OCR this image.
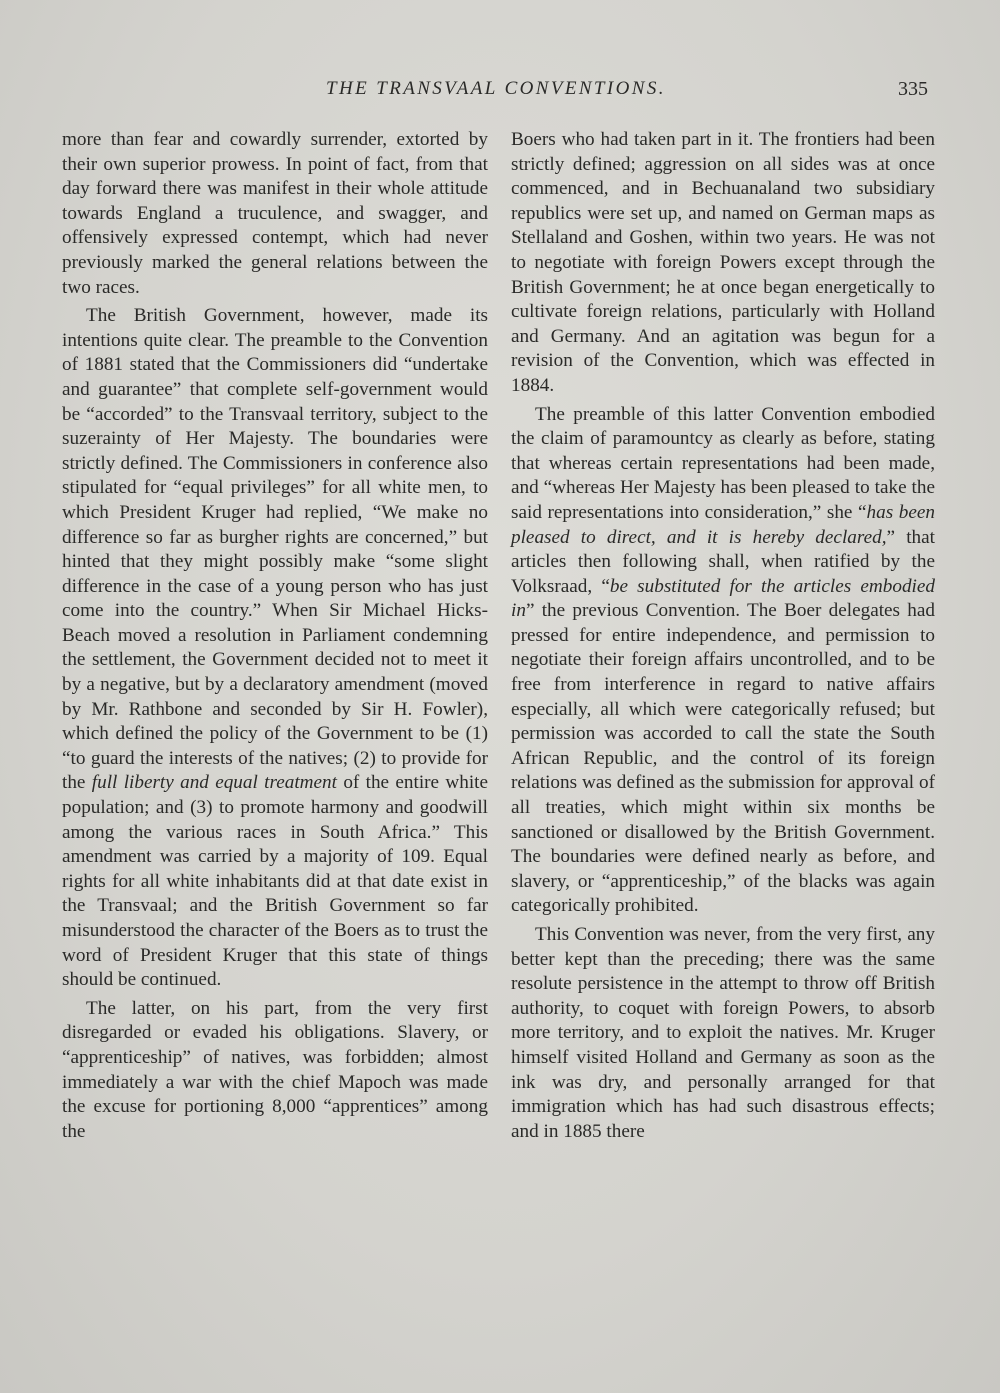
THE TRANSVAAL CONVENTIONS.	335

more than fear and cowardly surrender, extorted by their own superior prowess. In point of fact, from that day forward there was manifest in their whole attitude towards England a truculence, and swagger, and offensively expressed contempt, which had never previously marked the general relations between the two races.

The British Government, however, made its intentions quite clear. The preamble to the Convention of 1881 stated that the Commissioners did “undertake and guarantee” that complete self-government would be “accorded” to the Transvaal territory, subject to the suzerainty of Her Majesty. The boundaries were strictly defined. The Commissioners in conference also stipulated for “equal privileges” for all white men, to which President Kruger had replied, “We make no difference so far as burgher rights are concerned,” but hinted that they might possibly make “some slight difference in the case of a young person who has just come into the country.” When Sir Michael Hicks-Beach moved a resolution in Parliament condemning the settlement, the Government decided not to meet it by a negative, but by a declaratory amendment (moved by Mr. Rathbone and seconded by Sir H. Fowler), which defined the policy of the Government to be (1) “to guard the interests of the natives; (2) to provide for the full liberty and equal treatment of the entire white population; and (3) to promote harmony and goodwill among the various races in South Africa.” This amendment was carried by a majority of 109. Equal rights for all white inhabitants did at that date exist in the Transvaal; and the British Government so far misunderstood the character of the Boers as to trust the word of President Kruger that this state of things should be continued.

The latter, on his part, from the very first disregarded or evaded his obligations. Slavery, or “apprenticeship” of natives, was forbidden; almost immediately a war with the chief Mapoch was made the excuse for portioning 8,000 “apprentices” among the

Boers who had taken part in it. The frontiers had been strictly defined; aggression on all sides was at once commenced, and in Bechuanaland two subsidiary republics were set up, and named on German maps as Stellaland and Goshen, within two years. He was not to negotiate with foreign Powers except through the British Government; he at once began energetically to cultivate foreign relations, particularly with Holland and Germany. And an agitation was begun for a revision of the Convention, which was effected in 1884.

The preamble of this latter Convention embodied the claim of paramountcy as clearly as before, stating that whereas certain representations had been made, and “whereas Her Majesty has been pleased to take the said representations into consideration,” she “has been pleased to direct, and it is hereby declared,” that articles then following shall, when ratified by the Volksraad, “be substituted for the articles embodied in” the previous Convention. The Boer delegates had pressed for entire independence, and permission to negotiate their foreign affairs uncontrolled, and to be free from interference in regard to native affairs especially, all which were categorically refused; but permission was accorded to call the state the South African Republic, and the control of its foreign relations was defined as the submission for approval of all treaties, which might within six months be sanctioned or disallowed by the British Government. The boundaries were defined nearly as before, and slavery, or “apprenticeship,” of the blacks was again categorically prohibited.

This Convention was never, from the very first, any better kept than the preceding; there was the same resolute persistence in the attempt to throw off British authority, to coquet with foreign Powers, to absorb more territory, and to exploit the natives. Mr. Kruger himself visited Holland and Germany as soon as the ink was dry, and personally arranged for that immigration which has had such disastrous effects; and in 1885 there
